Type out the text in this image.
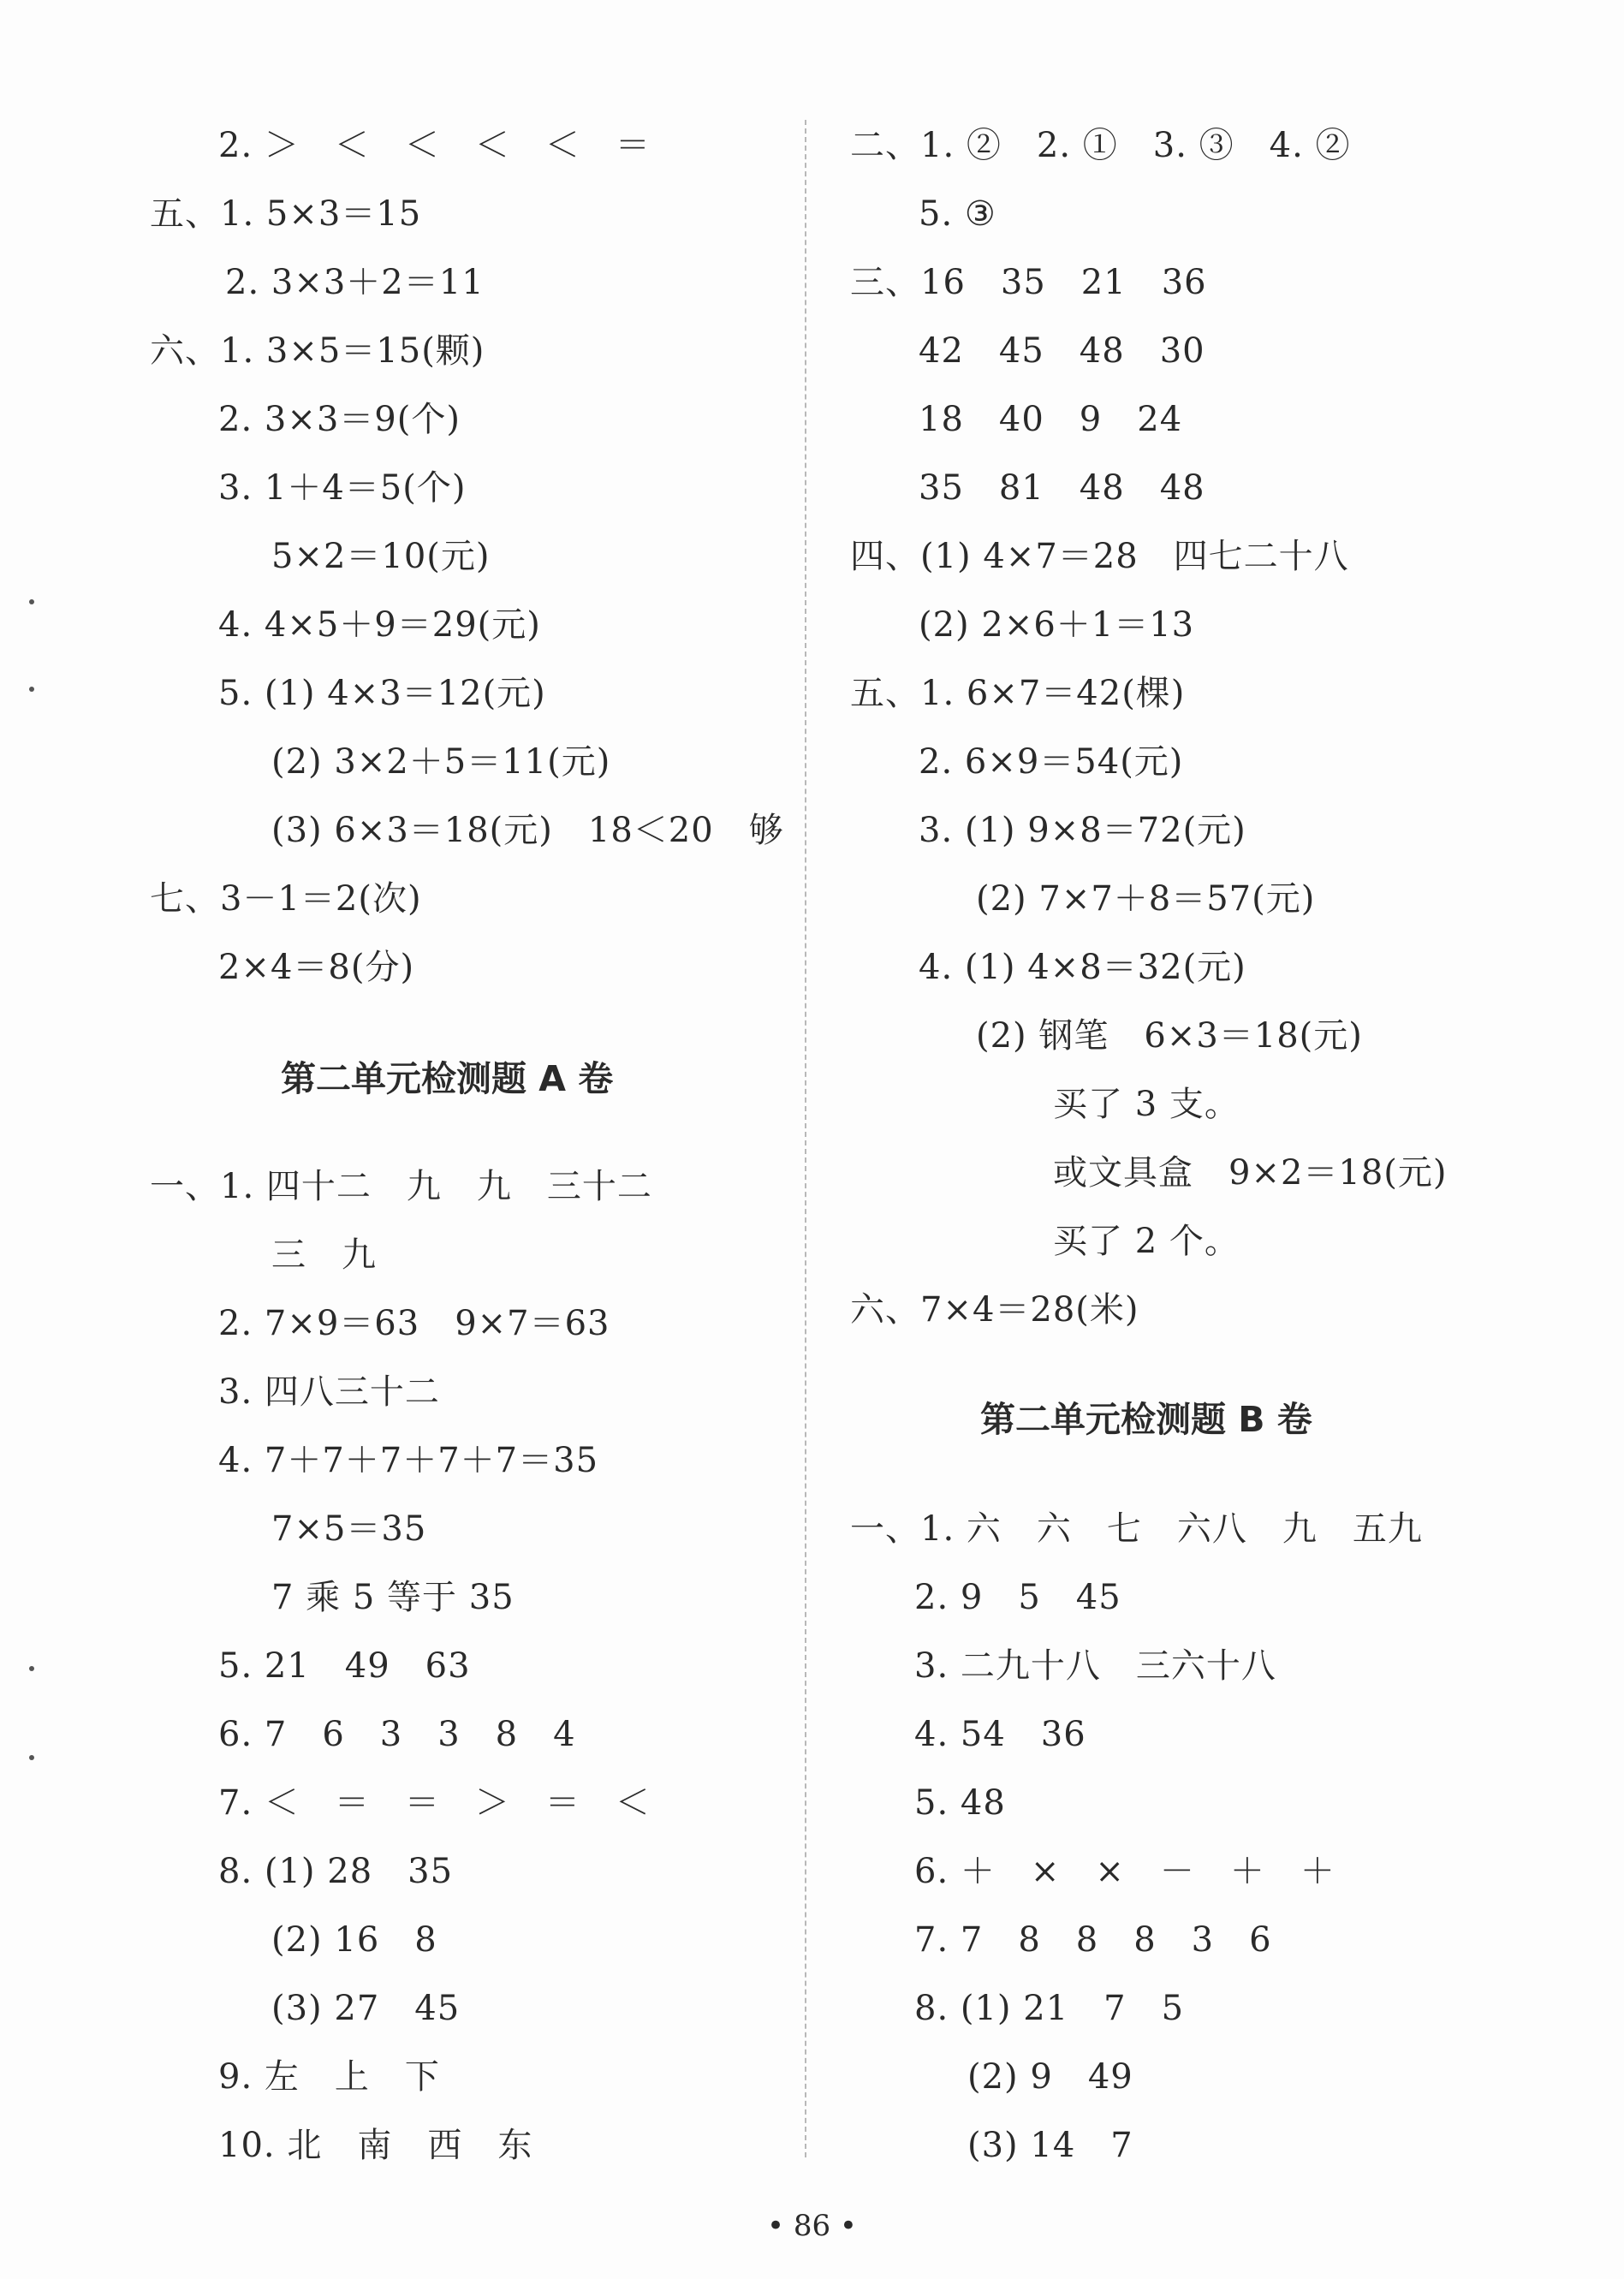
2. ＞　＜　＜　＜　＜　＝
五、1. 5×3＝15
2. 3×3＋2＝11
六、1. 3×5＝15(颗)
2. 3×3＝9(个)
3. 1＋4＝5(个)
5×2＝10(元)
4. 4×5＋9＝29(元)
5. (1) 4×3＝12(元)
(2) 3×2＋5＝11(元)
(3) 6×3＝18(元)　18＜20　够
七、3－1＝2(次)
2×4＝8(分)
第二单元检测题 A 卷
一、1. 四十二　九　九　三十二
三　九
2. 7×9＝63　9×7＝63
3. 四八三十二
4. 7＋7＋7＋7＋7＝35
7×5＝35
7 乘 5 等于 35
5. 21　49　63
6. 7　6　3　3　8　4
7. ＜　＝　＝　＞　＝　＜
8. (1) 28　35
(2) 16　8
(3) 27　45
9. 左　上　下
10. 北　南　西　东
二、1. ②　2. ①　3. ③　4. ②
5. ③
三、16　35　21　36
42　45　48　30
18　40　9　24
35　81　48　48
四、(1) 4×7＝28　四七二十八
(2) 2×6＋1＝13
五、1. 6×7＝42(棵)
2. 6×9＝54(元)
3. (1) 9×8＝72(元)
(2) 7×7＋8＝57(元)
4. (1) 4×8＝32(元)
(2) 钢笔　6×3＝18(元)
买了 3 支。
或文具盒　9×2＝18(元)
买了 2 个。
六、7×4＝28(米)
第二单元检测题 B 卷
一、1. 六　六　七　六八　九　五九
2. 9　5　45
3. 二九十八　三六十八
4. 54　36
5. 48
6. ＋　×　×　－　＋　＋
7. 7　8　8　8　3　6
8. (1) 21　7　5
(2) 9　49
(3) 14　7
• 86 •
